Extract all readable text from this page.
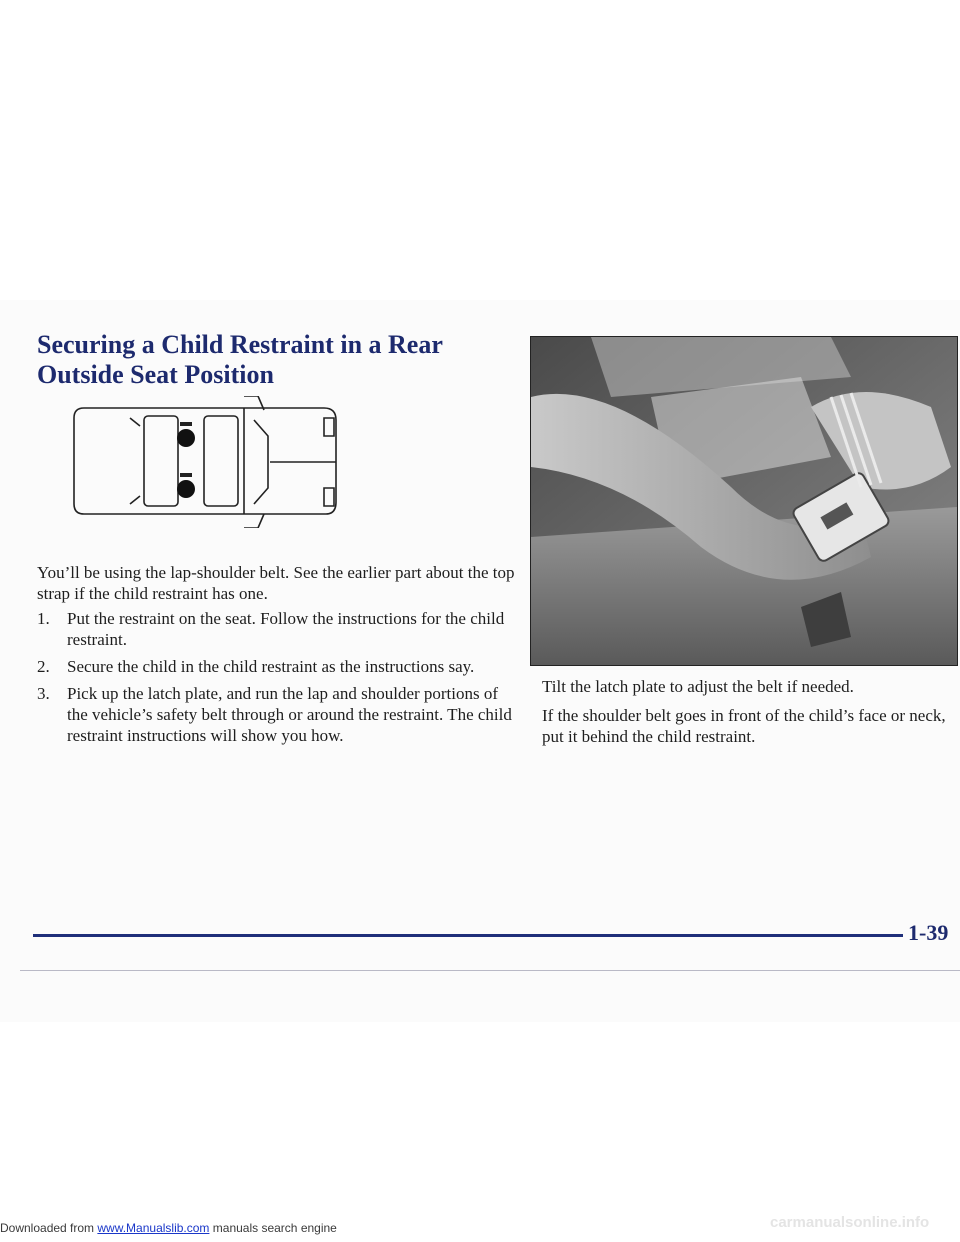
Securing a Child Restraint in a Rear
Outside Seat Position

You’ll be using the lap-shoulder belt. See the earlier part about the top strap if the child restraint has one.

1. Put the restraint on the seat. Follow the instructions for the child restraint.
2. Secure the child in the child restraint as the instructions say.
3. Pick up the latch plate, and run the lap and shoulder portions of the vehicle’s safety belt through or around the restraint. The child restraint instructions will show you how.

Tilt the latch plate to adjust the belt if needed.

If the shoulder belt goes in front of the child’s face or neck, put it behind the child restraint.

1-39
Downloaded from www.Manualslib.com manuals search engine	carmanualsonline.info
